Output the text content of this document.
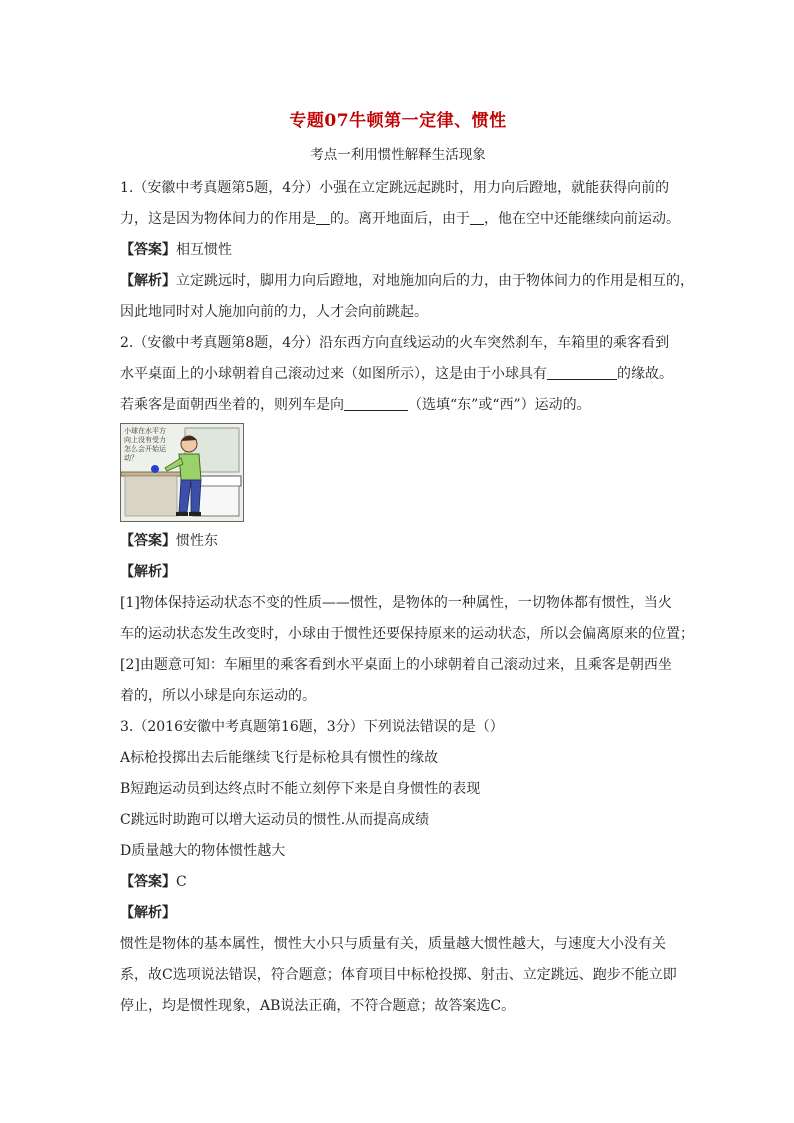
专题07牛顿第一定律、惯性
考点一利用惯性解释生活现象

1.（安徽中考真题第5题，4分）小强在立定跳远起跳时，用力向后蹬地，就能获得向前的

力，这是因为物体间力的作用是 的。离开地面后，由于 ，他在空中还能继续向前运动。

【答案】相互惯性

【解析】立定跳远时，脚用力向后蹬地，对地施加向后的力，由于物体间力的作用是相互的，

因此地同时对人施加向前的力，人才会向前跳起。

2.（安徽中考真题第8题，4分）沿东西方向直线运动的火车突然刹车，车箱里的乘客看到

水平桌面上的小球朝着自己滚动过来（如图所示），这是由于小球具有	的缘故。

若乘客是面朝西坐着的，则列车是向	（选填“东”或“西”）运动的。

小球在水平方
向上没有受力
怎么会开始运
动？

【答案】惯性东

【解析】

[1]物体保持运动状态不变的性质——惯性，是物体的一种属性，一切物体都有惯性，当火

车的运动状态发生改变时，小球由于惯性还要保持原来的运动状态，所以会偏离原来的位置；

[2]由题意可知：车厢里的乘客看到水平桌面上的小球朝着自己滚动过来，且乘客是朝西坐

着的，所以小球是向东运动的。

3.（2016安徽中考真题第16题，3分）下列说法错误的是（）

A标枪投掷出去后能继续飞行是标枪具有惯性的缘故

B短跑运动员到达终点时不能立刻停下来是自身惯性的表现

C跳远时助跑可以增大运动员的惯性.从而提高成绩

D质量越大的物体惯性越大

【答案】C

【解析】

惯性是物体的基本属性，惯性大小只与质量有关，质量越大惯性越大，与速度大小没有关

系，故C选项说法错误，符合题意；体育项目中标枪投掷、射击、立定跳远、跑步不能立即

停止，均是惯性现象，AB说法正确，不符合题意；故答案选C。
